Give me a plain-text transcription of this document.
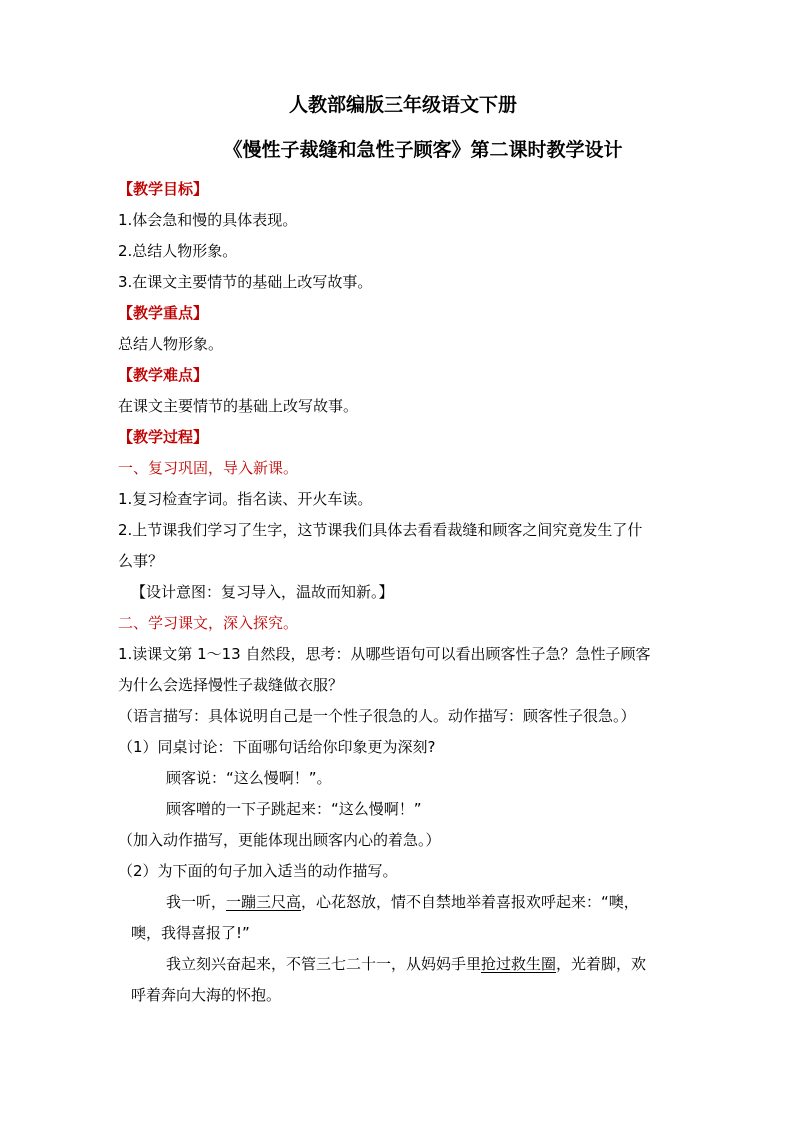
人教部编版三年级语文下册

《慢性子裁缝和急性子顾客》第二课时教学设计

【教学目标】
1.体会急和慢的具体表现。
2.总结人物形象。
3.在课文主要情节的基础上改写故事。
【教学重点】
总结人物形象。
【教学难点】
在课文主要情节的基础上改写故事。
【教学过程】
一、复习巩固，导入新课。
1.复习检查字词。指名读、开火车读。
2.上节课我们学习了生字，这节课我们具体去看看裁缝和顾客之间究竟发生了什
么事？
【设计意图：复习导入，温故而知新。】
二、学习课文，深入探究。
1.读课文第 1～13 自然段，思考：从哪些语句可以看出顾客性子急？急性子顾客
为什么会选择慢性子裁缝做衣服？
（语言描写：具体说明自己是一个性子很急的人。动作描写：顾客性子很急。）
（1）同桌讨论：下面哪句话给你印象更为深刻?
顾客说：“这么慢啊！”。
顾客噌的一下子跳起来：“这么慢啊！”
（加入动作描写，更能体现出顾客内心的着急。）
（2）为下面的句子加入适当的动作描写。
我一听，一蹦三尺高，心花怒放，情不自禁地举着喜报欢呼起来：“噢，
噢，我得喜报了!”
我立刻兴奋起来，不管三七二十一，从妈妈手里抢过救生圈，光着脚，欢
呼着奔向大海的怀抱。
